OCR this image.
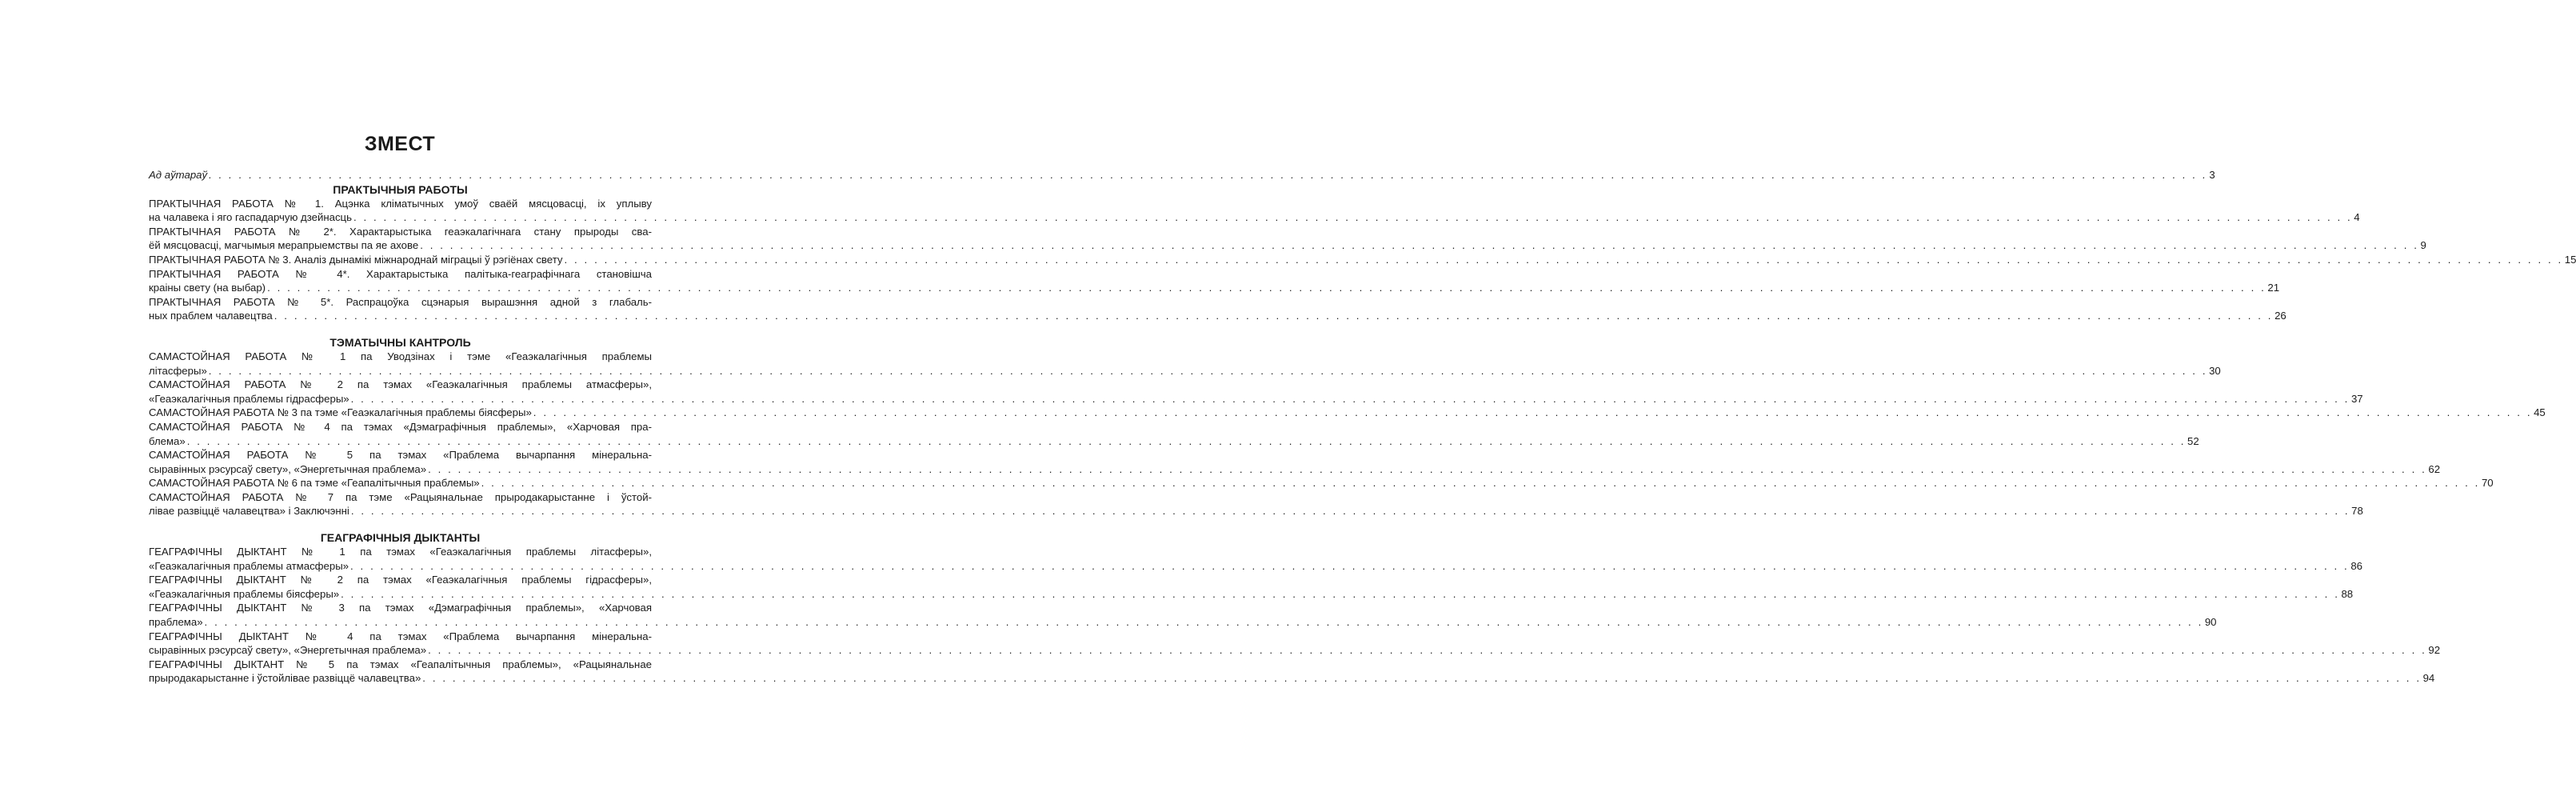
ЗМЕСТ
Ад аўтараў . . . . . . . . . . . . . . . . . . . . . . . . . . . . . . . . . . . . . . . . . . . . . . . . . . . . . . . . . . . . . . . . . . . . . . . . . . . . . . . . . . . . . . . . . . . . . . . . . . . . . . . . . . . . . . . . . . . . . . . . . . . . . . . . . . . . . . . . . . . . . . . . . . . . . . . . . . . . . . . . . . . . . . . . . . . . . . . . . . . . . . . . . . . . . . . . . . . . . . . . 3
ПРАКТЫЧНЫЯ РАБОТЫ
ПРАКТЫЧНАЯ РАБОТА № 1. Ацэнка кліматычных умоў сваёй мясцовасці, іх уплыву
на чалавека і яго гаспадарчую дзейнасць . . . . . . . . . . . . . . . . . . . . . . . . . . . . . . . . . . . . . . . . . . . . . . . . . . . . . . . . . . . . . . . . . . . . . . . . . . . . . . . . . . . . . . . . . . . . . . . . . . . . . . . . . . . . . . . . . . . . . . . . . . . . . . . . . . . . . . . . . . . . . . . . . . . . . . . . . . . . . . . . . . . . . . . . . . . . . . . . . . . . . . . . . . . . . . . . . . . . . . . . 4
ПРАКТЫЧНАЯ РАБОТА № 2*. Характарыстыка геаэкалагічнага стану прыроды сва-
ёй мясцовасці, магчымыя мерапрыемствы па яе ахове . . . . . . . . . . . . . . . . . . . . . . . . . . . . . . . . . . . . . . . . . . . . . . . . . . . . . . . . . . . . . . . . . . . . . . . . . . . . . . . . . . . . . . . . . . . . . . . . . . . . . . . . . . . . . . . . . . . . . . . . . . . . . . . . . . . . . . . . . . . . . . . . . . . . . . . . . . . . . . . . . . . . . . . . . . . . . . . . . . . . . . . . . . . . . . . . . . . . . . . . 9
ПРАКТЫЧНАЯ РАБОТА № 3. Аналіз дынамікі міжнароднай міграцыі ў рэгіёнах свету . . . . . . . . . . . . . . . . . . . . . . . . . . . . . . . . . . . . . . . . . . . . . . . . . . . . . . . . . . . . . . . . . . . . . . . . . . . . . . . . . . . . . . . . . . . . . . . . . . . . . . . . . . . . . . . . . . . . . . . . . . . . . . . . . . . . . . . . . . . . . . . . . . . . . . . . . . . . . . . . . . . . . . . . . . . . . . . . . . . . . . . . . . . . . . . . . . . . . . . . 15
ПРАКТЫЧНАЯ РАБОТА № 4*. Характарыстыка палітыка-геаграфічнага становішча
краіны свету (на выбар) . . . . . . . . . . . . . . . . . . . . . . . . . . . . . . . . . . . . . . . . . . . . . . . . . . . . . . . . . . . . . . . . . . . . . . . . . . . . . . . . . . . . . . . . . . . . . . . . . . . . . . . . . . . . . . . . . . . . . . . . . . . . . . . . . . . . . . . . . . . . . . . . . . . . . . . . . . . . . . . . . . . . . . . . . . . . . . . . . . . . . . . . . . . . . . . . . . . . . . . . 21
ПРАКТЫЧНАЯ РАБОТА № 5*. Распрацоўка сцэнарыя вырашэння адной з глабаль-
ных праблем чалавецтва . . . . . . . . . . . . . . . . . . . . . . . . . . . . . . . . . . . . . . . . . . . . . . . . . . . . . . . . . . . . . . . . . . . . . . . . . . . . . . . . . . . . . . . . . . . . . . . . . . . . . . . . . . . . . . . . . . . . . . . . . . . . . . . . . . . . . . . . . . . . . . . . . . . . . . . . . . . . . . . . . . . . . . . . . . . . . . . . . . . . . . . . . . . . . . . . . . . . . . . . 26
ТЭМАТЫЧНЫ КАНТРОЛЬ
САМАСТОЙНАЯ РАБОТА № 1 па Уводзінах і тэме «Геаэкалагічныя праблемы
літасферы» . . . . . . . . . . . . . . . . . . . . . . . . . . . . . . . . . . . . . . . . . . . . . . . . . . . . . . . . . . . . . . . . . . . . . . . . . . . . . . . . . . . . . . . . . . . . . . . . . . . . . . . . . . . . . . . . . . . . . . . . . . . . . . . . . . . . . . . . . . . . . . . . . . . . . . . . . . . . . . . . . . . . . . . . . . . . . . . . . . . . . . . . . . . . . . . . . . . . . . . . 30
САМАСТОЙНАЯ РАБОТА № 2 па тэмах «Геаэкалагічныя праблемы атмасферы»,
«Геаэкалагічныя праблемы гідрасферы» . . . . . . . . . . . . . . . . . . . . . . . . . . . . . . . . . . . . . . . . . . . . . . . . . . . . . . . . . . . . . . . . . . . . . . . . . . . . . . . . . . . . . . . . . . . . . . . . . . . . . . . . . . . . . . . . . . . . . . . . . . . . . . . . . . . . . . . . . . . . . . . . . . . . . . . . . . . . . . . . . . . . . . . . . . . . . . . . . . . . . . . . . . . . . . . . . . . . . . . . 37
САМАСТОЙНАЯ РАБОТА № 3 па тэме «Геаэкалагічныя праблемы біясферы» . . . . . . . . . . . . . . . . . . . . . . . . . . . . . . . . . . . . . . . . . . . . . . . . . . . . . . . . . . . . . . . . . . . . . . . . . . . . . . . . . . . . . . . . . . . . . . . . . . . . . . . . . . . . . . . . . . . . . . . . . . . . . . . . . . . . . . . . . . . . . . . . . . . . . . . . . . . . . . . . . . . . . . . . . . . . . . . . . . . . . . . . . . . . . . . . . . . . . . . . 45
САМАСТОЙНАЯ РАБОТА № 4 па тэмах «Дэмаграфічныя праблемы», «Харчовая пра-
блема» . . . . . . . . . . . . . . . . . . . . . . . . . . . . . . . . . . . . . . . . . . . . . . . . . . . . . . . . . . . . . . . . . . . . . . . . . . . . . . . . . . . . . . . . . . . . . . . . . . . . . . . . . . . . . . . . . . . . . . . . . . . . . . . . . . . . . . . . . . . . . . . . . . . . . . . . . . . . . . . . . . . . . . . . . . . . . . . . . . . . . . . . . . . . . . . . . . . . . . . . 52
САМАСТОЙНАЯ РАБОТА № 5 па тэмах «Праблема вычарпання мінеральна-
сыравінных рэсурсаў свету», «Энергетычная праблема» . . . . . . . . . . . . . . . . . . . . . . . . . . . . . . . . . . . . . . . . . . . . . . . . . . . . . . . . . . . . . . . . . . . . . . . . . . . . . . . . . . . . . . . . . . . . . . . . . . . . . . . . . . . . . . . . . . . . . . . . . . . . . . . . . . . . . . . . . . . . . . . . . . . . . . . . . . . . . . . . . . . . . . . . . . . . . . . . . . . . . . . . . . . . . . . . . . . . . . . . 62
САМАСТОЙНАЯ РАБОТА № 6 па тэме «Геапалітычныя праблемы» . . . . . . . . . . . . . . . . . . . . . . . . . . . . . . . . . . . . . . . . . . . . . . . . . . . . . . . . . . . . . . . . . . . . . . . . . . . . . . . . . . . . . . . . . . . . . . . . . . . . . . . . . . . . . . . . . . . . . . . . . . . . . . . . . . . . . . . . . . . . . . . . . . . . . . . . . . . . . . . . . . . . . . . . . . . . . . . . . . . . . . . . . . . . . . . . . . . . . . . . 70
САМАСТОЙНАЯ РАБОТА № 7 па тэме «Рацыянальнае прыродакарыстанне і ўстой-
лівае развіццё чалавецтва» і Заключэнні . . . . . . . . . . . . . . . . . . . . . . . . . . . . . . . . . . . . . . . . . . . . . . . . . . . . . . . . . . . . . . . . . . . . . . . . . . . . . . . . . . . . . . . . . . . . . . . . . . . . . . . . . . . . . . . . . . . . . . . . . . . . . . . . . . . . . . . . . . . . . . . . . . . . . . . . . . . . . . . . . . . . . . . . . . . . . . . . . . . . . . . . . . . . . . . . . . . . . . . . 78
ГЕАГРАФІЧНЫЯ ДЫКТАНТЫ
ГЕАГРАФІЧНЫ ДЫКТАНТ № 1 па тэмах «Геаэкалагічныя праблемы літасферы»,
«Геаэкалагічныя праблемы атмасферы» . . . . . . . . . . . . . . . . . . . . . . . . . . . . . . . . . . . . . . . . . . . . . . . . . . . . . . . . . . . . . . . . . . . . . . . . . . . . . . . . . . . . . . . . . . . . . . . . . . . . . . . . . . . . . . . . . . . . . . . . . . . . . . . . . . . . . . . . . . . . . . . . . . . . . . . . . . . . . . . . . . . . . . . . . . . . . . . . . . . . . . . . . . . . . . . . . . . . . . . . 86
ГЕАГРАФІЧНЫ ДЫКТАНТ № 2 па тэмах «Геаэкалагічныя праблемы гідрасферы»,
«Геаэкалагічныя праблемы біясферы» . . . . . . . . . . . . . . . . . . . . . . . . . . . . . . . . . . . . . . . . . . . . . . . . . . . . . . . . . . . . . . . . . . . . . . . . . . . . . . . . . . . . . . . . . . . . . . . . . . . . . . . . . . . . . . . . . . . . . . . . . . . . . . . . . . . . . . . . . . . . . . . . . . . . . . . . . . . . . . . . . . . . . . . . . . . . . . . . . . . . . . . . . . . . . . . . . . . . . . . . 88
ГЕАГРАФІЧНЫ ДЫКТАНТ № 3 па тэмах «Дэмаграфічныя праблемы», «Харчовая
праблема» . . . . . . . . . . . . . . . . . . . . . . . . . . . . . . . . . . . . . . . . . . . . . . . . . . . . . . . . . . . . . . . . . . . . . . . . . . . . . . . . . . . . . . . . . . . . . . . . . . . . . . . . . . . . . . . . . . . . . . . . . . . . . . . . . . . . . . . . . . . . . . . . . . . . . . . . . . . . . . . . . . . . . . . . . . . . . . . . . . . . . . . . . . . . . . . . . . . . . . . . 90
ГЕАГРАФІЧНЫ ДЫКТАНТ № 4 па тэмах «Праблема вычарпання мінеральна-
сыравінных рэсурсаў свету», «Энергетычная праблема» . . . . . . . . . . . . . . . . . . . . . . . . . . . . . . . . . . . . . . . . . . . . . . . . . . . . . . . . . . . . . . . . . . . . . . . . . . . . . . . . . . . . . . . . . . . . . . . . . . . . . . . . . . . . . . . . . . . . . . . . . . . . . . . . . . . . . . . . . . . . . . . . . . . . . . . . . . . . . . . . . . . . . . . . . . . . . . . . . . . . . . . . . . . . . . . . . . . . . . . . 92
ГЕАГРАФІЧНЫ ДЫКТАНТ № 5 па тэмах «Геапалітычныя праблемы», «Рацыянальнае
прыродакарыстанне і ўстойлівае развіццё чалавецтва» . . . . . . . . . . . . . . . . . . . . . . . . . . . . . . . . . . . . . . . . . . . . . . . . . . . . . . . . . . . . . . . . . . . . . . . . . . . . . . . . . . . . . . . . . . . . . . . . . . . . . . . . . . . . . . . . . . . . . . . . . . . . . . . . . . . . . . . . . . . . . . . . . . . . . . . . . . . . . . . . . . . . . . . . . . . . . . . . . . . . . . . . . . . . . . . . . . . . . . . . 94
